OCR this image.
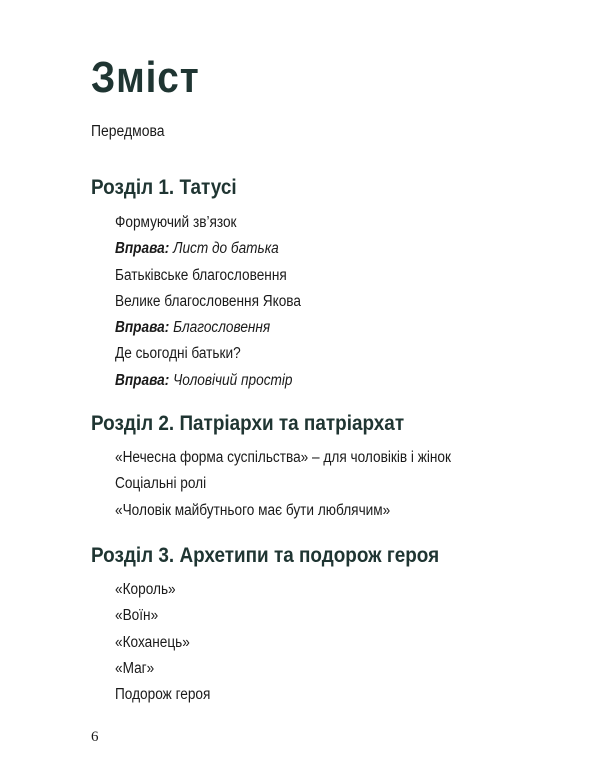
Зміст
Передмова
Розділ 1. Татусі
Формуючий зв’язок
Вправа: Лист до батька
Батьківське благословення
Велике благословення Якова
Вправа: Благословення
Де сьогодні батьки?
Вправа: Чоловічий простір
Розділ 2. Патріархи та патріархат
«Нечесна форма суспільства» – для чоловіків і жінок
Соціальні ролі
«Чоловік майбутнього має бути люблячим»
Розділ 3. Архетипи та подорож героя
«Король»
«Воїн»
«Коханець»
«Маг»
Подорож героя
6
